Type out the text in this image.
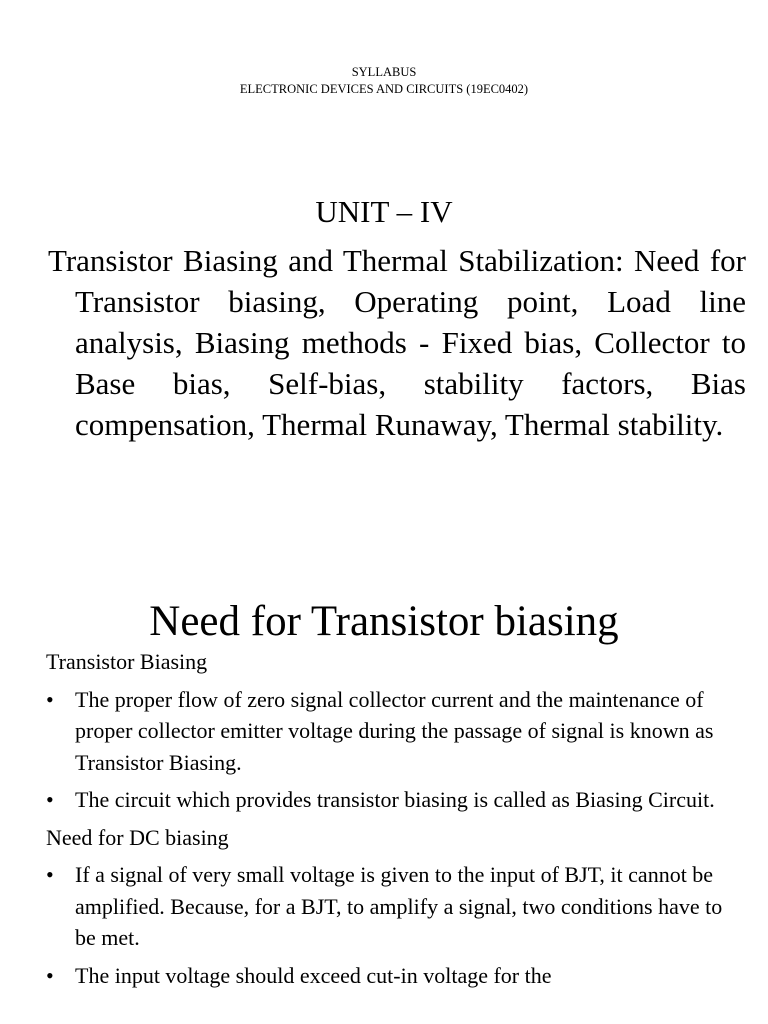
SYLLABUS
ELECTRONIC DEVICES AND CIRCUITS (19EC0402)
UNIT – IV
Transistor Biasing and Thermal Stabilization: Need for Transistor biasing, Operating point, Load line analysis, Biasing methods - Fixed bias, Collector to Base bias, Self-bias, stability factors, Bias compensation, Thermal Runaway, Thermal stability.
Need for Transistor biasing

Transistor Biasing

• The proper flow of zero signal collector current and the maintenance of proper collector emitter voltage during the passage of signal is known as Transistor Biasing.
• The circuit which provides transistor biasing is called as Biasing Circuit.

Need for DC biasing

• If a signal of very small voltage is given to the input of BJT, it cannot be amplified. Because, for a BJT, to amplify a signal, two conditions have to be met.
• The input voltage should exceed cut-in voltage for the
